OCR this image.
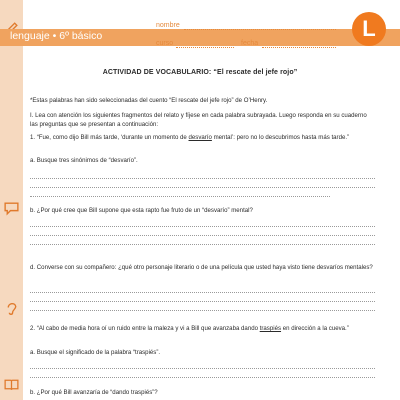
lenguaje • 6º básico
nombre
curso	fecha
L
ACTIVIDAD DE VOCABULARIO: “El rescate del jefe rojo”
*Estas palabras han sido seleccionadas del cuento “El rescate del jefe rojo” de O’Henry.
I. Lea con atención los siguientes fragmentos del relato y fíjese en cada palabra subrayada. Luego responda en su cuaderno las preguntas que se presentan a continuación:
1. “Fue, como dijo Bill más tarde, ‘durante un momento de desvarío mental’: pero no lo descubrimos hasta más tarde.”
a. Busque tres sinónimos de “desvarío”.
b. ¿Por qué cree que Bill supone que esta rapto fue fruto de un “desvarío” mental?
d. Converse con su compañero: ¿qué otro personaje literario o de una película que usted haya visto tiene desvaríos mentales?
2. “Al cabo de media hora oí un ruido entre la maleza y vi a Bill que avanzaba dando traspiés en dirección a la cueva.”
a. Busque el significado de la palabra “traspiés”.
b. ¿Por qué Bill avanzaría de “dando traspiés”?
